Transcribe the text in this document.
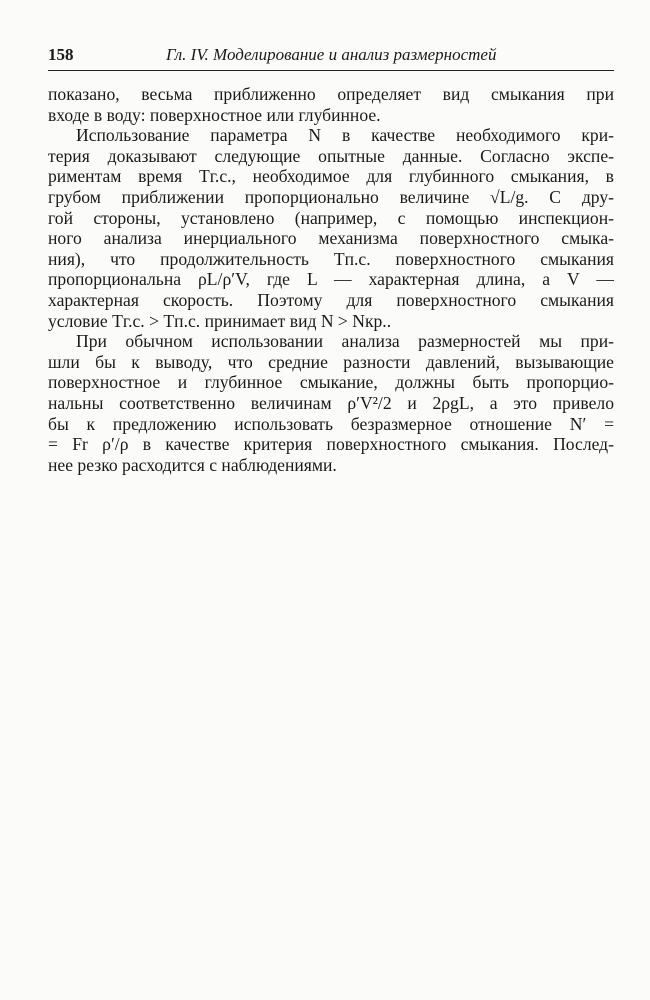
158	Гл. IV. Моделирование и анализ размерностей
показано, весьма приближенно определяет вид смыкания при
входе в воду: поверхностное или глубинное.
Использование параметра N в качестве необходимого кри-
терия доказывают следующие опытные данные. Согласно экспе-
риментам время Tг.с., необходимое для глубинного смыкания, в
грубом приближении пропорционально величине √L/g. С дру-
гой стороны, установлено (например, с помощью инспекцион-
ного анализа инерциального механизма поверхностного смыка-
ния), что продолжительность Tп.с. поверхностного смыкания
пропорциональна ρL/ρ′V, где L — характерная длина, а V —
характерная скорость. Поэтому для поверхностного смыкания
условие Tг.с. > Tп.с. принимает вид N > Nкр..
При обычном использовании анализа размерностей мы при-
шли бы к выводу, что средние разности давлений, вызывающие
поверхностное и глубинное смыкание, должны быть пропорцио-
нальны соответственно величинам ρ′V²/2 и 2ρgL, а это привело
бы к предложению использовать безразмерное отношение N′ =
= Fr ρ′/ρ в качестве критерия поверхностного смыкания. Послед-
нее резко расходится с наблюдениями.
